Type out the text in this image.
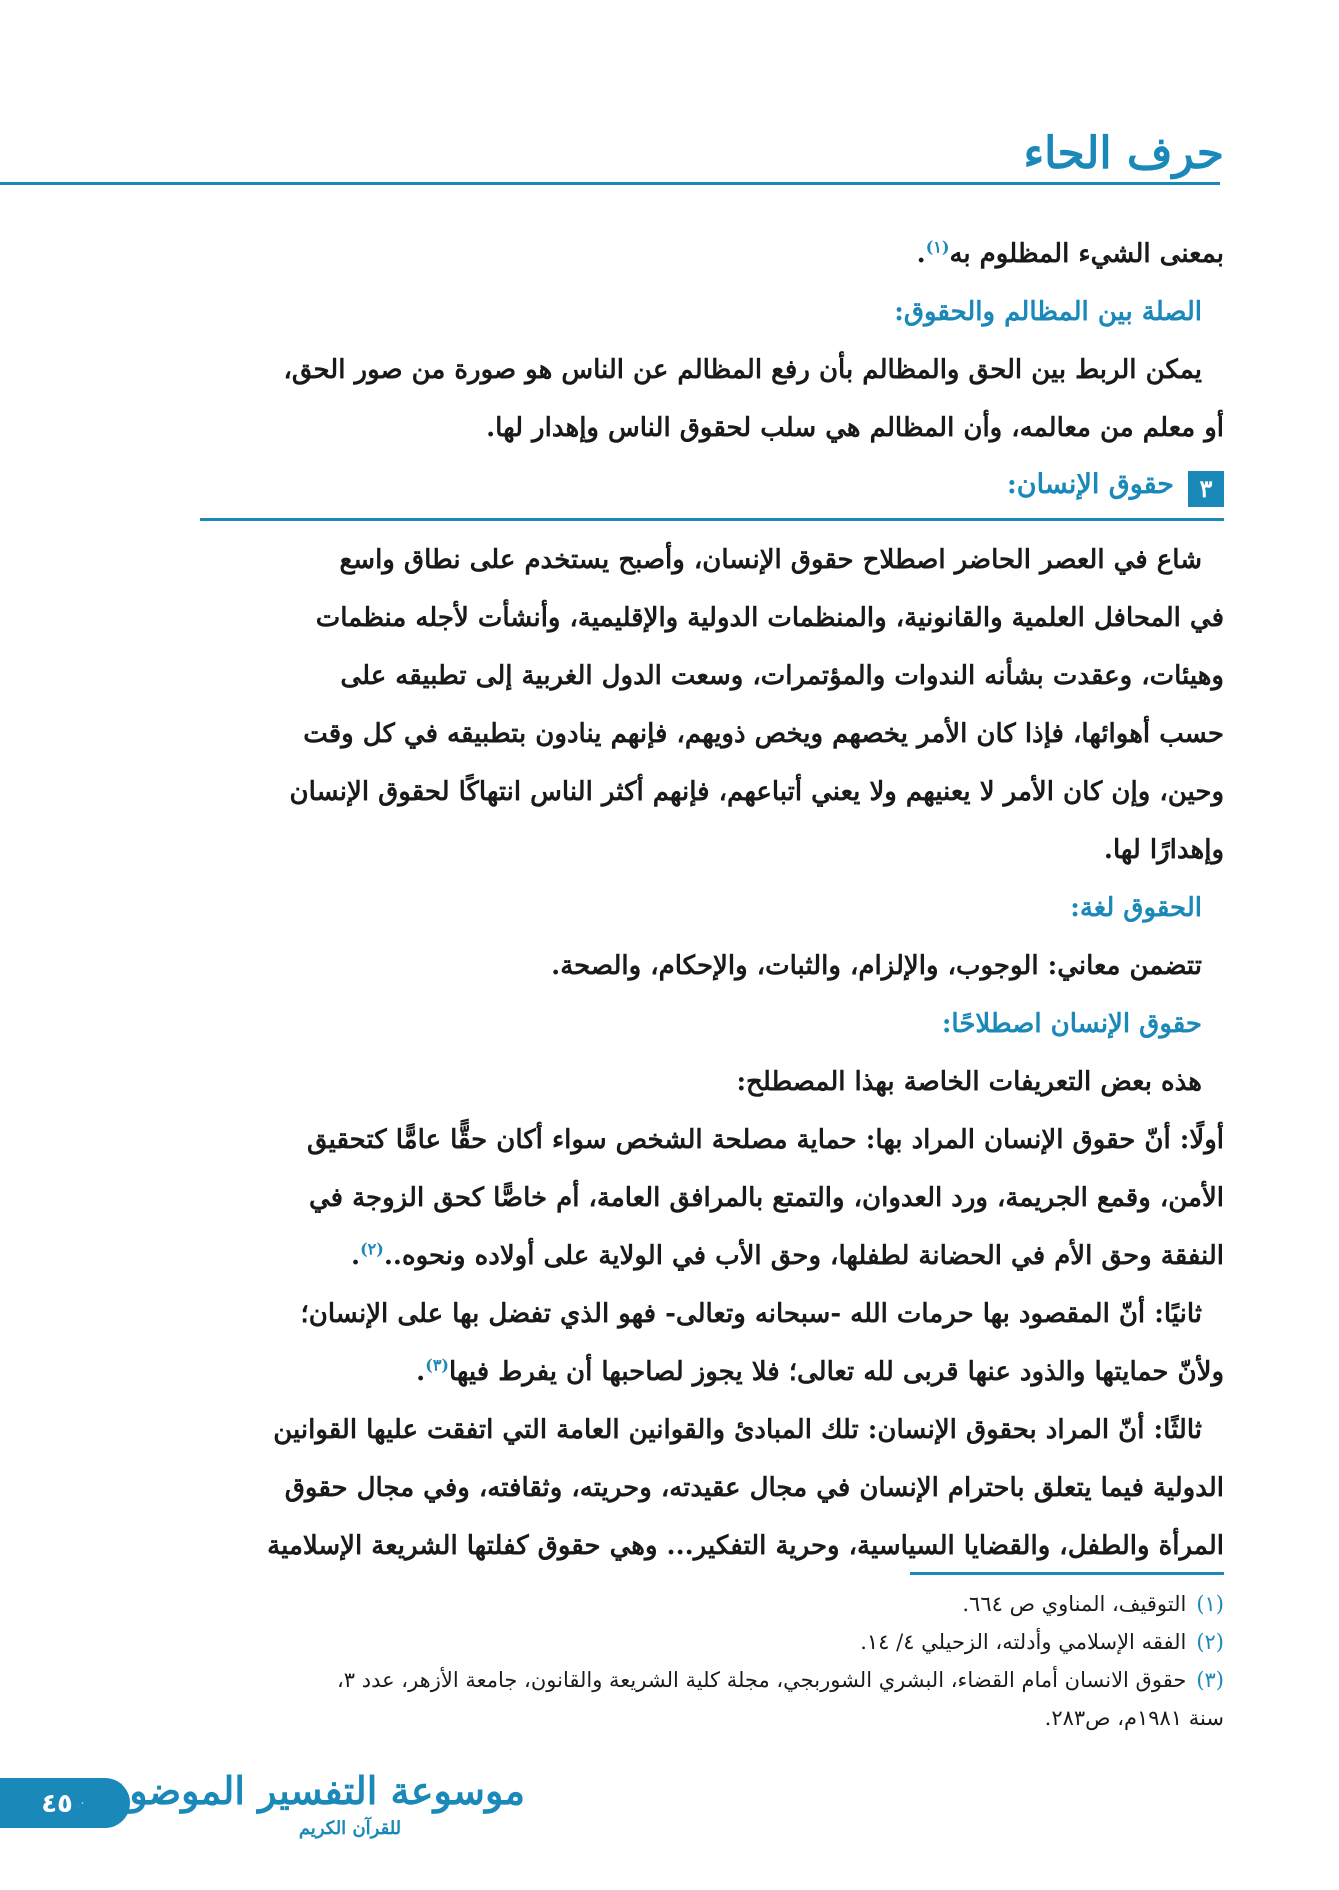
حرف الحاء
بمعنى الشيء المظلوم به$^{(١)}$.
الصلة بين المظالم والحقوق:
يمكن الربط بين الحق والمظالم بأن رفع المظالم عن الناس هو صورة من صور الحق،
أو معلم من معالمه، وأن المظالم هي سلب لحقوق الناس وإهدار لها.
٣
حقوق الإنسان:
شاع في العصر الحاضر اصطلاح حقوق الإنسان، وأصبح يستخدم على نطاق واسع
في المحافل العلمية والقانونية، والمنظمات الدولية والإقليمية، وأنشأت لأجله منظمات
وهيئات، وعقدت بشأنه الندوات والمؤتمرات، وسعت الدول الغربية إلى تطبيقه على
حسب أهوائها، فإذا كان الأمر يخصهم ويخص ذويهم، فإنهم ينادون بتطبيقه في كل وقت
وحين، وإن كان الأمر لا يعنيهم ولا يعني أتباعهم، فإنهم أكثر الناس انتهاكًا لحقوق الإنسان
وإهدارًا لها.
الحقوق لغة:
تتضمن معاني: الوجوب، والإلزام، والثبات، والإحكام، والصحة.
حقوق الإنسان اصطلاحًا:
هذه بعض التعريفات الخاصة بهذا المصطلح:
أولًا: أنّ حقوق الإنسان المراد بها: حماية مصلحة الشخص سواء أكان حقًّا عامًّا كتحقيق
الأمن، وقمع الجريمة، ورد العدوان، والتمتع بالمرافق العامة، أم خاصًّا كحق الزوجة في
النفقة وحق الأم في الحضانة لطفلها، وحق الأب في الولاية على أولاده ونحوه..$^{(٢)}$.
ثانيًا: أنّ المقصود بها حرمات الله -سبحانه وتعالى- فهو الذي تفضل بها على الإنسان؛
ولأنّ حمايتها والذود عنها قربى لله تعالى؛ فلا يجوز لصاحبها أن يفرط فيها$^{(٣)}$.
ثالثًا: أنّ المراد بحقوق الإنسان: تلك المبادئ والقوانين العامة التي اتفقت عليها القوانين
الدولية فيما يتعلق باحترام الإنسان في مجال عقيدته، وحريته، وثقافته، وفي مجال حقوق
المرأة والطفل، والقضايا السياسية، وحرية التفكير... وهي حقوق كفلتها الشريعة الإسلامية
(١)التوقيف، المناوي ص ٦٦٤.
(٢)الفقه الإسلامي وأدلته، الزحيلي ٤/ ١٤.
(٣)حقوق الانسان أمام القضاء، البشري الشوربجي، مجلة كلية الشريعة والقانون، جامعة الأزهر، عدد ٣،
سنة ١٩٨١م، ص٢٨٣.
٤٥٠
موسوعة التفسير الموضوعي
للقرآن الكريم
